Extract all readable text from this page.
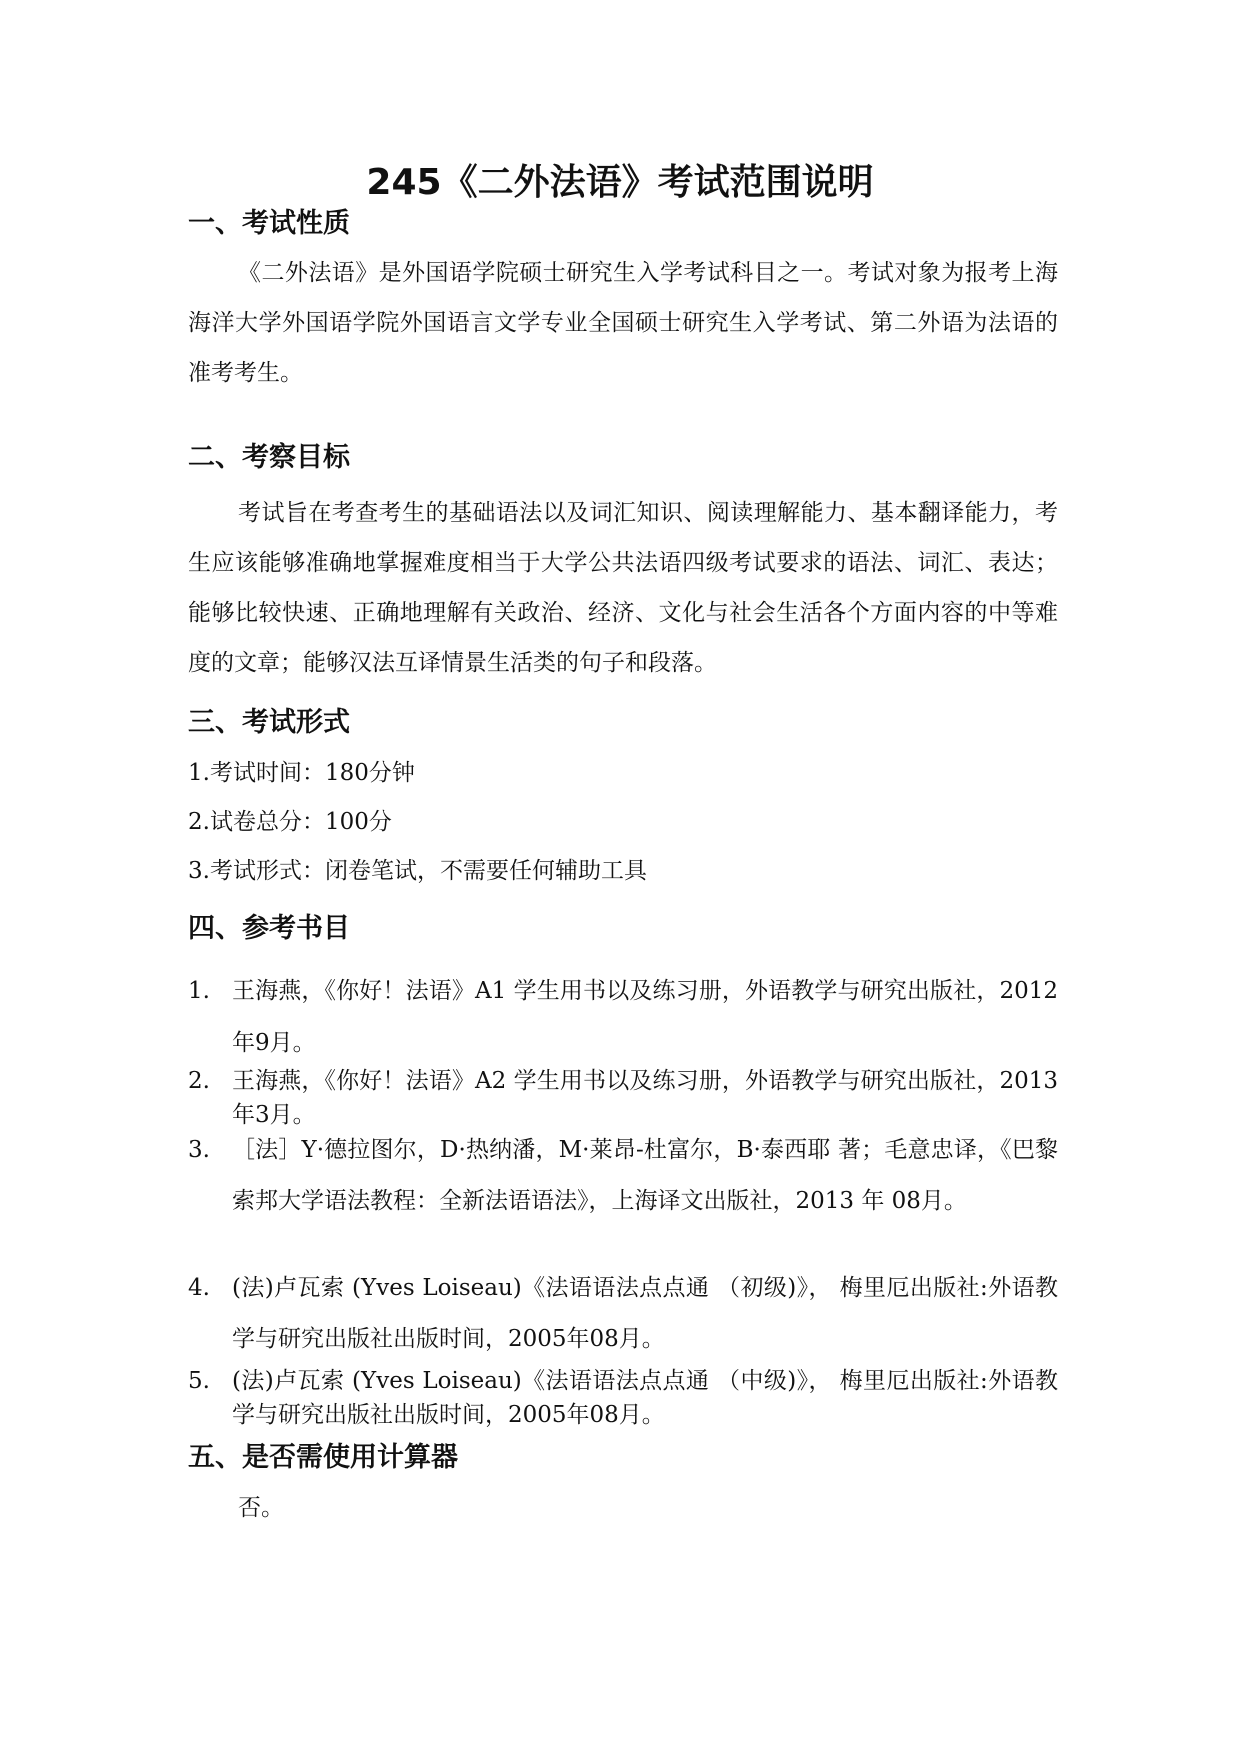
245《二外法语》考试范围说明
一、考试性质

《二外法语》是外国语学院硕士研究生入学考试科目之一。考试对象为报考上海海洋大学外国语学院外国语言文学专业全国硕士研究生入学考试、第二外语为法语的准考考生。

二、考察目标

考试旨在考查考生的基础语法以及词汇知识、阅读理解能力、基本翻译能力，考生应该能够准确地掌握难度相当于大学公共法语四级考试要求的语法、词汇、表达；能够比较快速、正确地理解有关政治、经济、文化与社会生活各个方面内容的中等难度的文章；能够汉法互译情景生活类的句子和段落。

三、考试形式
1.考试时间：180分钟
2.试卷总分：100分
3.考试形式：闭卷笔试，不需要任何辅助工具
四、参考书目
1. 王海燕，《你好！法语》A1 学生用书以及练习册，外语教学与研究出版社，2012年9月。
2. 王海燕，《你好！法语》A2 学生用书以及练习册，外语教学与研究出版社，2013年3月。
3. ［法］Y·德拉图尔，D·热纳潘，M·莱昂-杜富尔，B·泰西耶 著；毛意忠译，《巴黎索邦大学语法教程：全新法语语法》，上海译文出版社，2013 年 08月。
4. (法)卢瓦索 (Yves Loiseau)《法语语法点点通 （初级)》， 梅里厄出版社:外语教学与研究出版社出版时间，2005年08月。
5. (法)卢瓦索 (Yves Loiseau)《法语语法点点通 （中级)》， 梅里厄出版社:外语教学与研究出版社出版时间，2005年08月。
五、是否需使用计算器
否。
